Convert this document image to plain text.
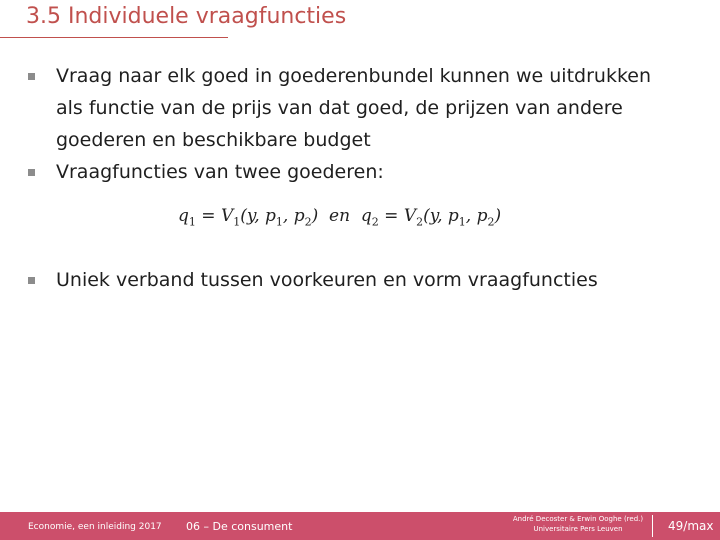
3.5 Individuele vraagfuncties
Vraag naar elk goed in goederenbundel kunnen we uitdrukken
als functie van de prijs van dat goed, de prijzen van andere
goederen en beschikbare budget
Vraagfuncties van twee goederen:
$q_1 = V_1(y$, $p_1$, $p_2$)  en  $q_2 = V_2(y$, $p_1$, $p_2$)
Uniek verband tussen voorkeuren en vorm vraagfuncties
Economie, een inleiding 2017 06 – De consument
André Decoster & Erwin Ooghe (red.)
Universitaire Pers Leuven	49/max
